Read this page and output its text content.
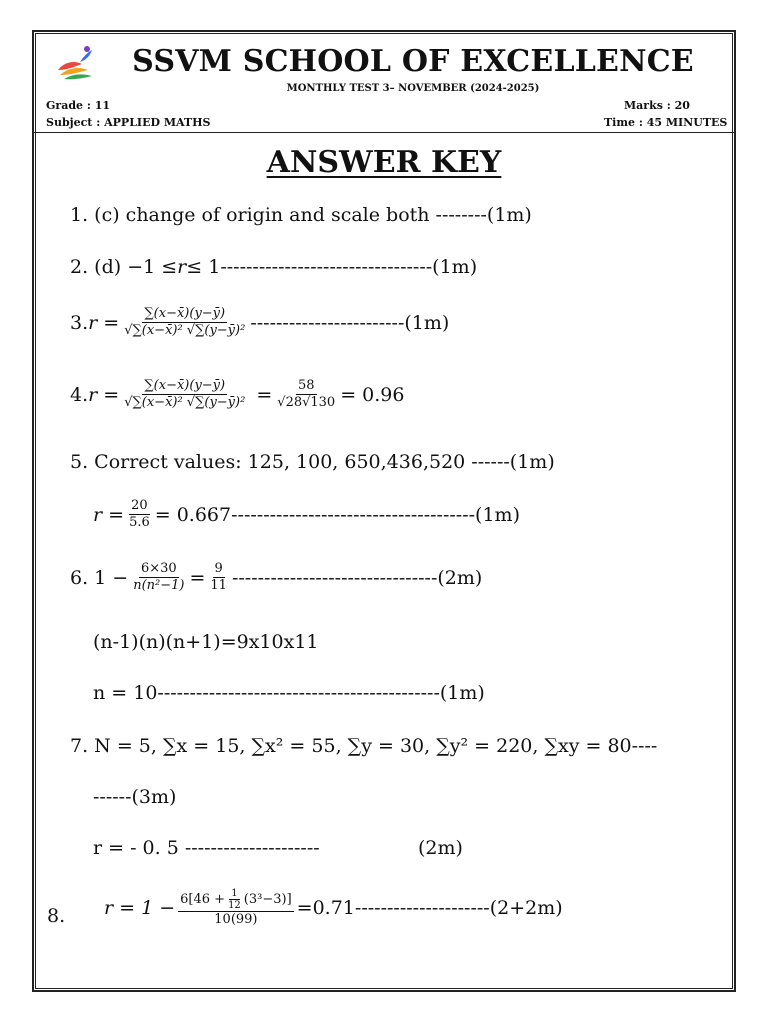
SSVM SCHOOL OF EXCELLENCE
MONTHLY TEST 3– NOVEMBER (2024-2025)
Grade : 11
Subject : APPLIED MATHS
Marks : 20
Time : 45 MINUTES
ANSWER KEY
1. (c) change of origin and scale both --------(1m)
2. (d) −1 ≤ r ≤ 1---------------------------------(1m)
3. $r = \frac{\sum(x-x̄)(y-ȳ)}{\text{√∑(x−x̄)² √∑(y−ȳ)²}} ------------------------(1m)$
4. $r = \frac{\sum(x-x̄)(y-ȳ)}{\text{√∑(x−x̄)² √∑(y−ȳ)²}} = \frac{58}{√28√130} = 0.96$
5. Correct values: 125, 100, 650,436,520 ------(1m)
$r = \frac{20}{5.6} = 0.667--------------------------------------(1m)$
6. $1 - \frac{6\times 30}{\text{n(n²−1)}} = \frac{9}{11} --------------------------------(2m)$
(n-1)(n)(n+1)=9x10x11
n = 10--------------------------------------------(1m)
7. N = 5, ∑x = 15, ∑x² = 55, ∑y = 30, ∑y² = 220, ∑xy = 80----
------(3m)
r = - 0. 5 ---------------------	(2m)
8. $r = 1 - \frac{6[46 + \frac{1}{12} (3^3-3)]}{10(99)} =0.71---------------------(2+2m)$
